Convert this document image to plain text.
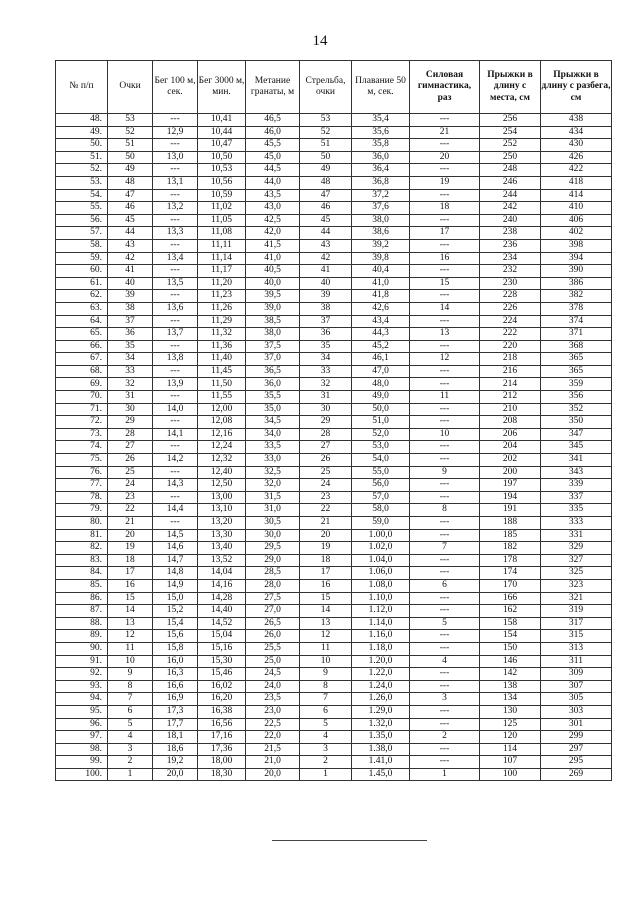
14
№ п/п	Очки	Бег 100 м, сек.	Бег 3000 м, мин.	Метание гранаты, м	Стрельба, очки	Плавание 50 м, сек.	Силовая гимнастика, раз	Прыжки в длину с места, см	Прыжки в длину с разбега, см
48.	53	---	10,41	46,5	53	35,4	---	256	438
49.	52	12,9	10,44	46,0	52	35,6	21	254	434
50.	51	---	10,47	45,5	51	35,8	---	252	430
51.	50	13,0	10,50	45,0	50	36,0	20	250	426
52.	49	---	10,53	44,5	49	36,4	---	248	422
53.	48	13,1	10,56	44,0	48	36,8	19	246	418
54.	47	---	10,59	43,5	47	37,2	---	244	414
55.	46	13,2	11,02	43,0	46	37,6	18	242	410
56.	45	---	11,05	42,5	45	38,0	---	240	406
57.	44	13,3	11,08	42,0	44	38,6	17	238	402
58.	43	---	11,11	41,5	43	39,2	---	236	398
59.	42	13,4	11,14	41,0	42	39,8	16	234	394
60.	41	---	11,17	40,5	41	40,4	---	232	390
61.	40	13,5	11,20	40,0	40	41,0	15	230	386
62.	39	---	11,23	39,5	39	41,8	---	228	382
63.	38	13,6	11,26	39,0	38	42,6	14	226	378
64.	37	---	11,29	38,5	37	43,4	---	224	374
65.	36	13,7	11,32	38,0	36	44,3	13	222	371
66.	35	---	11,36	37,5	35	45,2	---	220	368
67.	34	13,8	11,40	37,0	34	46,1	12	218	365
68.	33	---	11,45	36,5	33	47,0	---	216	365
69.	32	13,9	11,50	36,0	32	48,0	---	214	359
70.	31	---	11,55	35,5	31	49,0	11	212	356
71.	30	14,0	12,00	35,0	30	50,0	---	210	352
72.	29	---	12,08	34,5	29	51,0	---	208	350
73.	28	14,1	12,16	34,0	28	52,0	10	206	347
74.	27	---	12,24	33,5	27	53,0	---	204	345
75.	26	14,2	12,32	33,0	26	54,0	---	202	341
76.	25	---	12,40	32,5	25	55,0	9	200	343
77.	24	14,3	12,50	32,0	24	56,0	---	197	339
78.	23	---	13,00	31,5	23	57,0	---	194	337
79.	22	14,4	13,10	31,0	22	58,0	8	191	335
80.	21	---	13,20	30,5	21	59,0	---	188	333
81.	20	14,5	13,30	30,0	20	1.00,0	---	185	331
82.	19	14,6	13,40	29,5	19	1.02,0	7	182	329
83.	18	14,7	13,52	29,0	18	1.04,0	---	178	327
84.	17	14,8	14,04	28,5	17	1.06,0	---	174	325
85.	16	14,9	14,16	28,0	16	1.08,0	6	170	323
86.	15	15,0	14,28	27,5	15	1.10,0	---	166	321
87.	14	15,2	14,40	27,0	14	1.12,0	---	162	319
88.	13	15,4	14,52	26,5	13	1.14,0	5	158	317
89.	12	15,6	15,04	26,0	12	1.16,0	---	154	315
90.	11	15,8	15,16	25,5	11	1.18,0	---	150	313
91.	10	16,0	15,30	25,0	10	1.20,0	4	146	311
92.	9	16,3	15,46	24,5	9	1.22,0	---	142	309
93.	8	16,6	16,02	24,0	8	1.24,0	---	138	307
94.	7	16,9	16,20	23,5	7	1.26,0	3	134	305
95.	6	17,3	16,38	23,0	6	1.29,0	---	130	303
96.	5	17,7	16,56	22,5	5	1.32,0	---	125	301
97.	4	18,1	17,16	22,0	4	1.35,0	2	120	299
98.	3	18,6	17,36	21,5	3	1.38,0	---	114	297
99.	2	19,2	18,00	21,0	2	1.41,0	---	107	295
100.	1	20,0	18,30	20,0	1	1.45,0	1	100	269
